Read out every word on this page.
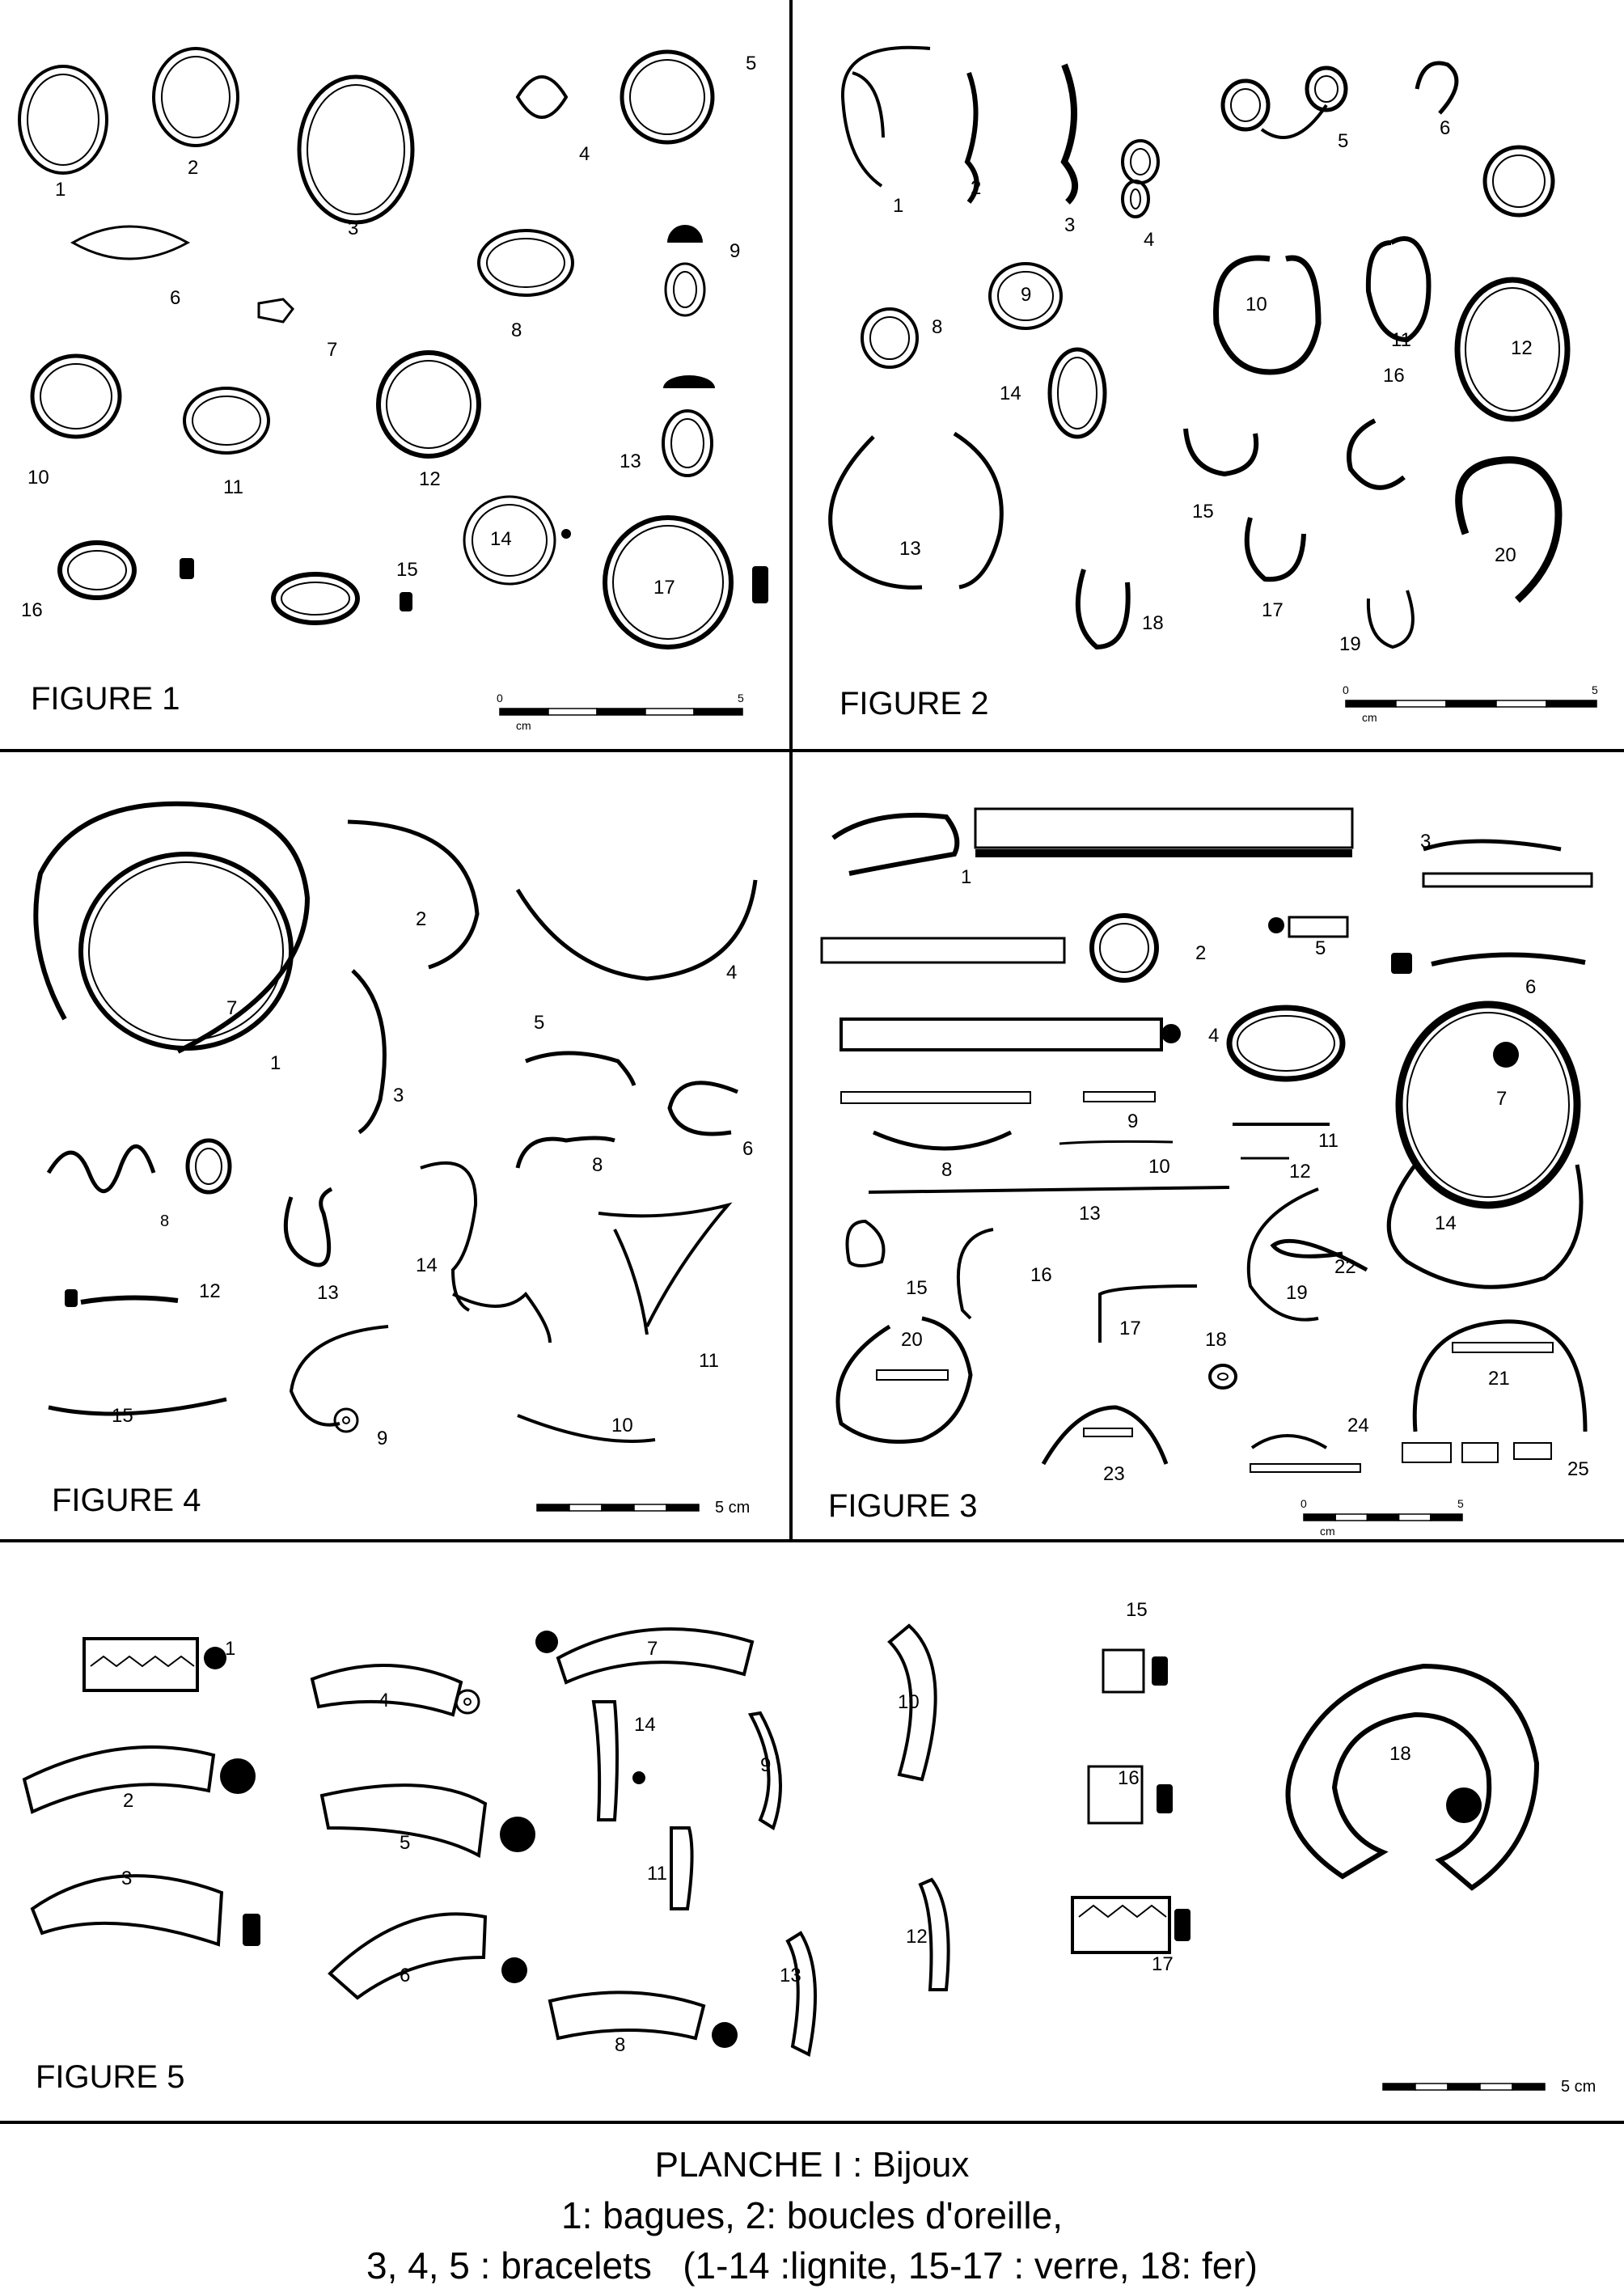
1
2
3
4
5
6
7
8
9
10	11	12
13
14
16
15
17
1
2
3
4
5
6
8
9	10
11	12
13
14
15
16
17
18
19
20
1
7
2
3
4
5
6
8
8
13
14
11
12
15
9
10
1
3
2	5
6
4
7
8
9
10
11
12
13
15
16
17
19
22
18
14
20
21
23
24
25
1
2
3
4
5
6
7
8
9
10
11
12
13
14
15
16
17
18
0	5
cm
0	5
cm
5 cm	0	5
cm
5 cm
FIGURE 1	FIGURE 2
FIGURE 4	FIGURE 3
FIGURE 5
PLANCHE I : Bijoux
1: bagues, 2: boucles d'oreille,
3, 4, 5 : bracelets (1-14 :lignite, 15-17 : verre, 18: fer)
